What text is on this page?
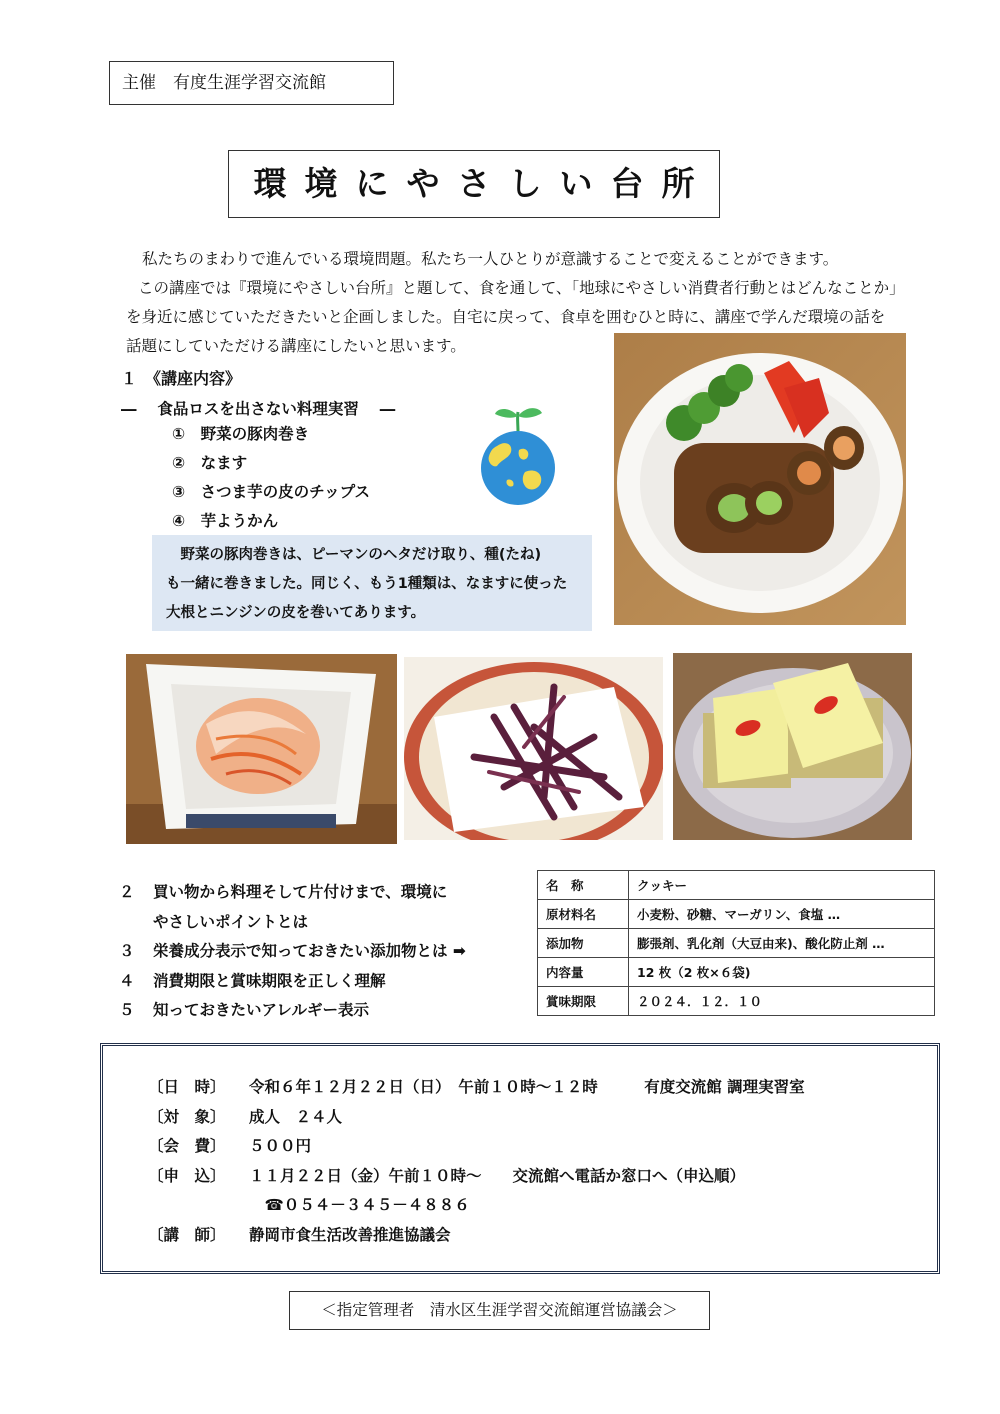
主催　有度生涯学習交流館
環境にやさしい台所

私たちのまわりで進んでいる環境問題。私たち一人ひとりが意識することで変えることができます。

この講座では『環境にやさしい台所』と題して、食を通して、「地球にやさしい消費者行動とはどんなことか」

を身近に感じていただきたいと企画しました。自宅に戻って、食卓を囲むひと時に、講座で学んだ環境の話を

話題にしていただける講座にしたいと思います。

１　《講座内容》
―　 食品ロスを出さない料理実習 　―
①　野菜の豚肉巻き
②　なます
③　さつま芋の皮のチップス
④　芋ようかん
　野菜の豚肉巻きは、ピーマンのヘタだけ取り、種(たね)
も一緒に巻きました。同じく、もう1種類は、なますに使った
大根とニンジンの皮を巻いてあります。
２ 買い物から料理そして片付けまで、環境に
やさしいポイントとは
３ 栄養成分表示で知っておきたい添加物とは ➡
４ 消費期限と賞味期限を正しく理解
５ 知っておきたいアレルギー表示
名　称	クッキー
原材料名	小麦粉、砂糖、マーガリン、食塩 …
添加物	膨張剤、乳化剤（大豆由来)、酸化防止剤 …
内容量	12 枚（2 枚×６袋)
賞味期限	２０２４．１２．１０
〔日　時〕 令和６年１２月２２日（日）　午前１０時～１２時　　　有度交流館 調理実習室
〔対　象〕 成人　２４人
〔会　費〕 ５００円
〔申　込〕 １１月２２日（金）午前１０時～　　交流館へ電話か窓口へ（申込順）
　☎０５４－３４５－４８８６
〔講　師〕 静岡市食生活改善推進協議会
＜指定管理者　清水区生涯学習交流館運営協議会＞
